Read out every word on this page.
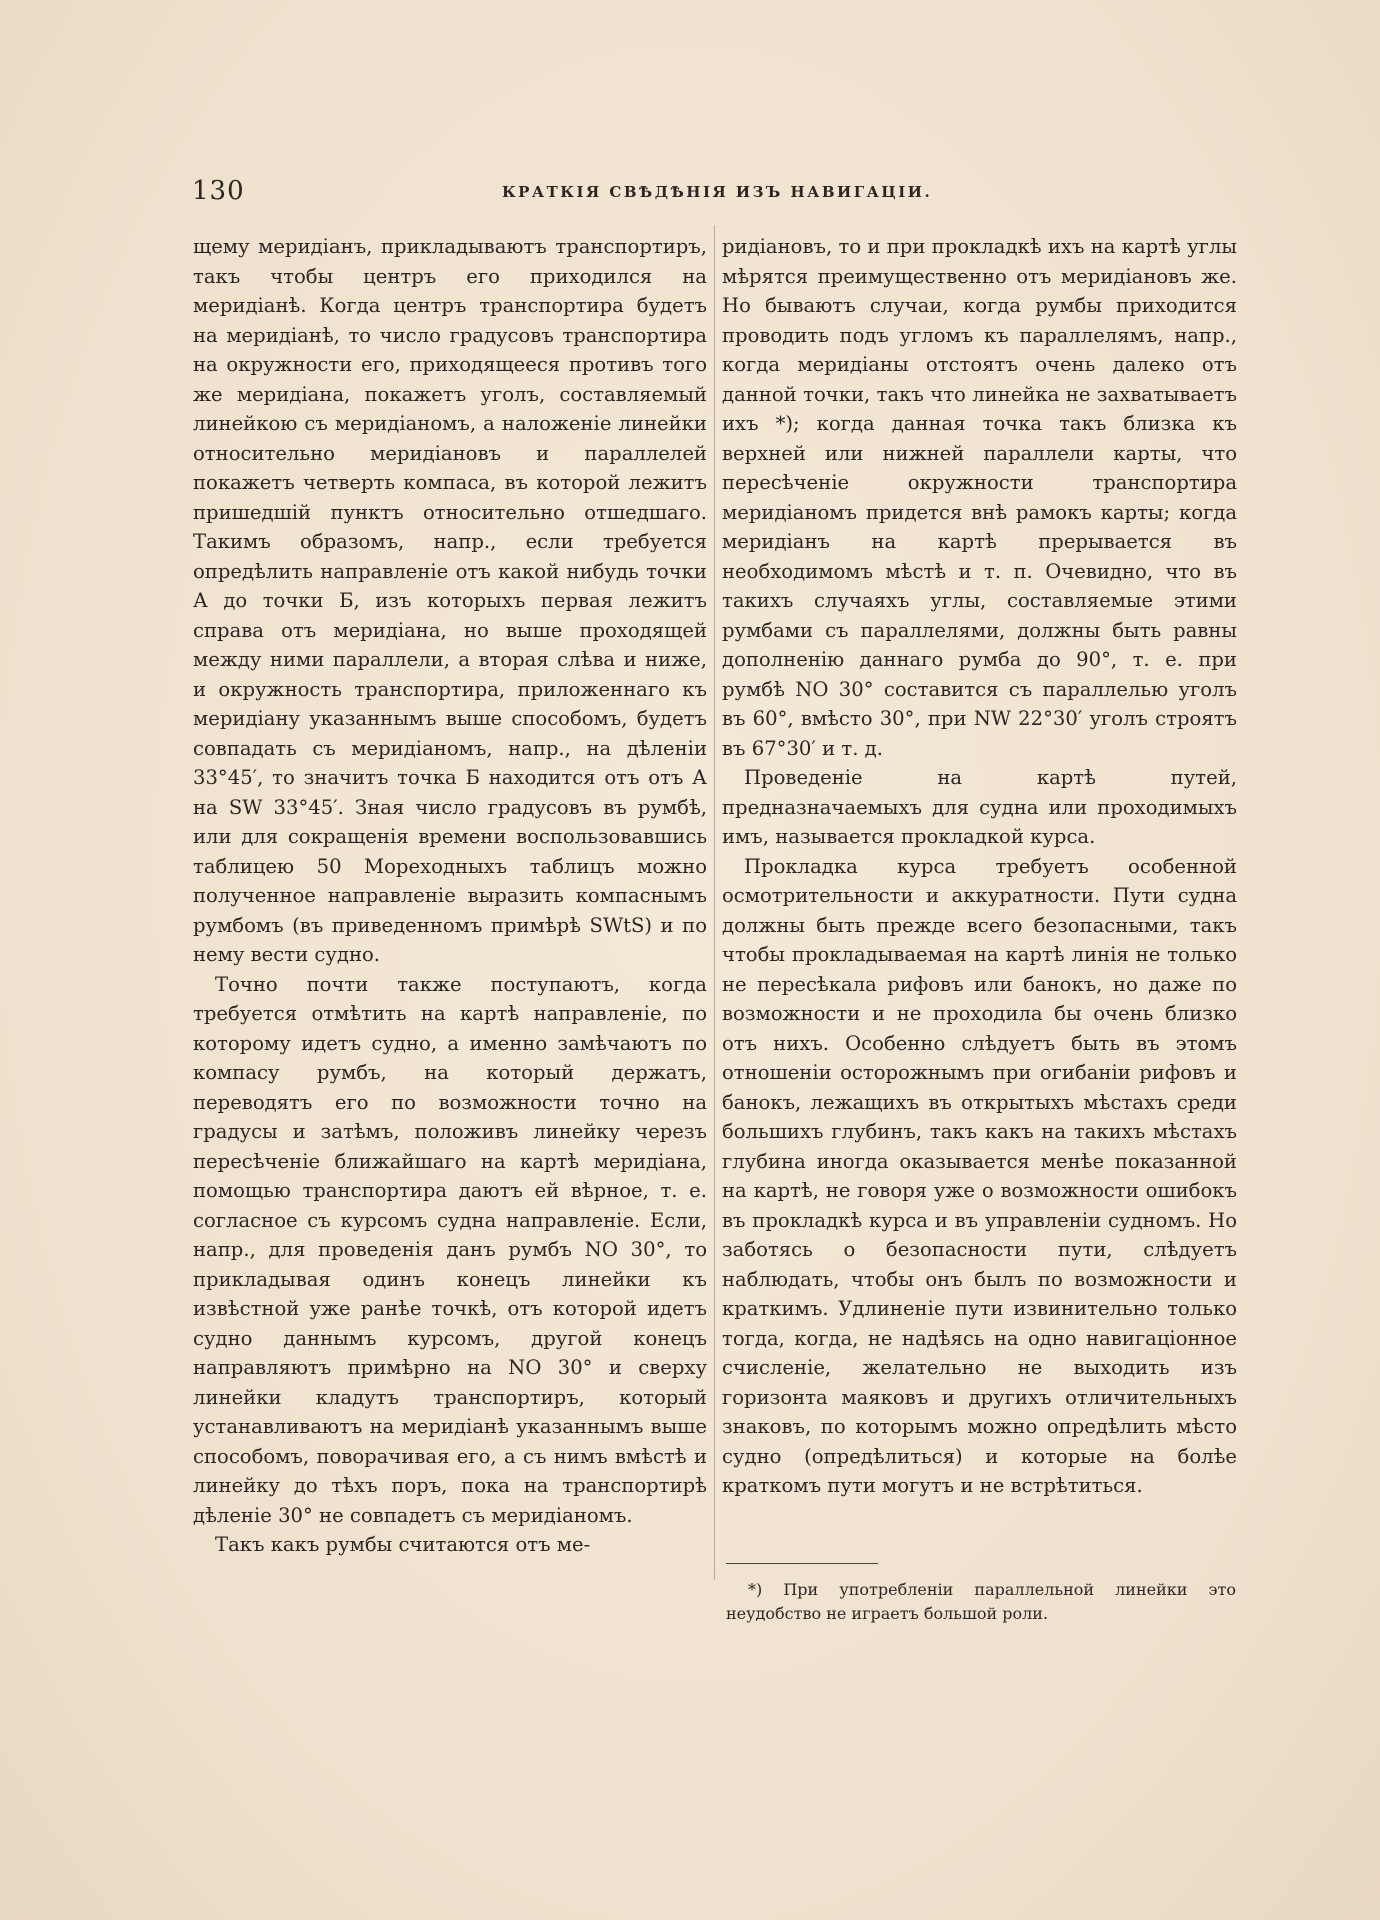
130	КРАТКІЯ СВѢДѢНІЯ ИЗЪ НАВИГАЦІИ.

щему меридіанъ, прикладываютъ транспортиръ, такъ чтобы центръ его приходился на меридіанѣ. Когда центръ транспортира будетъ на меридіанѣ, то число градусовъ транспортира на окружности его, приходящееся противъ того же меридіана, покажетъ уголъ, составляемый линейкою съ меридіаномъ, а наложеніе линейки относительно меридіановъ и параллелей покажетъ четверть компаса, въ которой лежитъ пришедшій пунктъ относительно отшедшаго. Такимъ образомъ, напр., если требуется опредѣлить направленіе отъ какой нибудь точки А до точки Б, изъ которыхъ первая лежитъ справа отъ меридіана, но выше проходящей между ними параллели, а вторая слѣва и ниже, и окружность транспортира, приложеннаго къ меридіану указаннымъ выше способомъ, будетъ совпадать съ меридіаномъ, напр., на дѣленіи 33°45′, то значитъ точка Б находится отъ отъ А на SW 33°45′. Зная число градусовъ въ румбѣ, или для сокращенія времени воспользовавшись таблицею 50 Мореходныхъ таблицъ можно полученное направленіе выразить компаснымъ румбомъ (въ приведенномъ примѣрѣ SWtS) и по нему вести судно.

Точно почти также поступаютъ, когда требуется отмѣтить на картѣ направленіе, по которому идетъ судно, а именно замѣчаютъ по компасу румбъ, на который держатъ, переводятъ его по возможности точно на градусы и затѣмъ, положивъ линейку черезъ пересѣченіе ближайшаго на картѣ меридіана, помощью транспортира даютъ ей вѣрное, т. е. согласное съ курсомъ судна направленіе. Если, напр., для проведенія данъ румбъ NO 30°, то прикладывая одинъ конецъ линейки къ извѣстной уже ранѣе точкѣ, отъ которой идетъ судно даннымъ курсомъ, другой конецъ направляютъ примѣрно на NO 30° и сверху линейки кладутъ транспортиръ, который устанавливаютъ на меридіанѣ указаннымъ выше способомъ, поворачивая его, а съ нимъ вмѣстѣ и линейку до тѣхъ поръ, пока на транспортирѣ дѣленіе 30° не совпадетъ съ меридіаномъ.

Такъ какъ румбы считаются отъ ме-

ридіановъ, то и при прокладкѣ ихъ на картѣ углы мѣрятся преимущественно отъ меридіановъ же. Но бываютъ случаи, когда румбы приходится проводить подъ угломъ къ параллелямъ, напр., когда меридіаны отстоятъ очень далеко отъ данной точки, такъ что линейка не захватываетъ ихъ *); когда данная точка такъ близка къ верхней или нижней параллели карты, что пересѣченіе окружности транспортира меридіаномъ придется внѣ рамокъ карты; когда меридіанъ на картѣ прерывается въ необходимомъ мѣстѣ и т. п. Очевидно, что въ такихъ случаяхъ углы, составляемые этими румбами съ параллелями, должны быть равны дополненію даннаго румба до 90°, т. е. при румбѣ NO 30° составится съ параллелью уголъ въ 60°, вмѣсто 30°, при NW 22°30′ уголъ строятъ въ 67°30′ и т. д.

Проведеніе на картѣ путей, предназначаемыхъ для судна или проходимыхъ имъ, называется прокладкой курса.

Прокладка курса требуетъ особенной осмотрительности и аккуратности. Пути судна должны быть прежде всего безопасными, такъ чтобы прокладываемая на картѣ линія не только не пересѣкала рифовъ или банокъ, но даже по возможности и не проходила бы очень близко отъ нихъ. Особенно слѣдуетъ быть въ этомъ отношеніи осторожнымъ при огибаніи рифовъ и банокъ, лежащихъ въ открытыхъ мѣстахъ среди большихъ глубинъ, такъ какъ на такихъ мѣстахъ глубина иногда оказывается менѣе показанной на картѣ, не говоря уже о возможности ошибокъ въ прокладкѣ курса и въ управленіи судномъ. Но заботясь о безопасности пути, слѣдуетъ наблюдать, чтобы онъ былъ по возможности и краткимъ. Удлиненіе пути извинительно только тогда, когда, не надѣясь на одно навигаціонное счисленіе, желательно не выходить изъ горизонта маяковъ и другихъ отличительныхъ знаковъ, по которымъ можно опредѣлить мѣсто судно (опредѣлиться) и которые на болѣе краткомъ пути могутъ и не встрѣтиться.

*) При употребленіи параллельной линейки это неудобство не играетъ большой роли.
